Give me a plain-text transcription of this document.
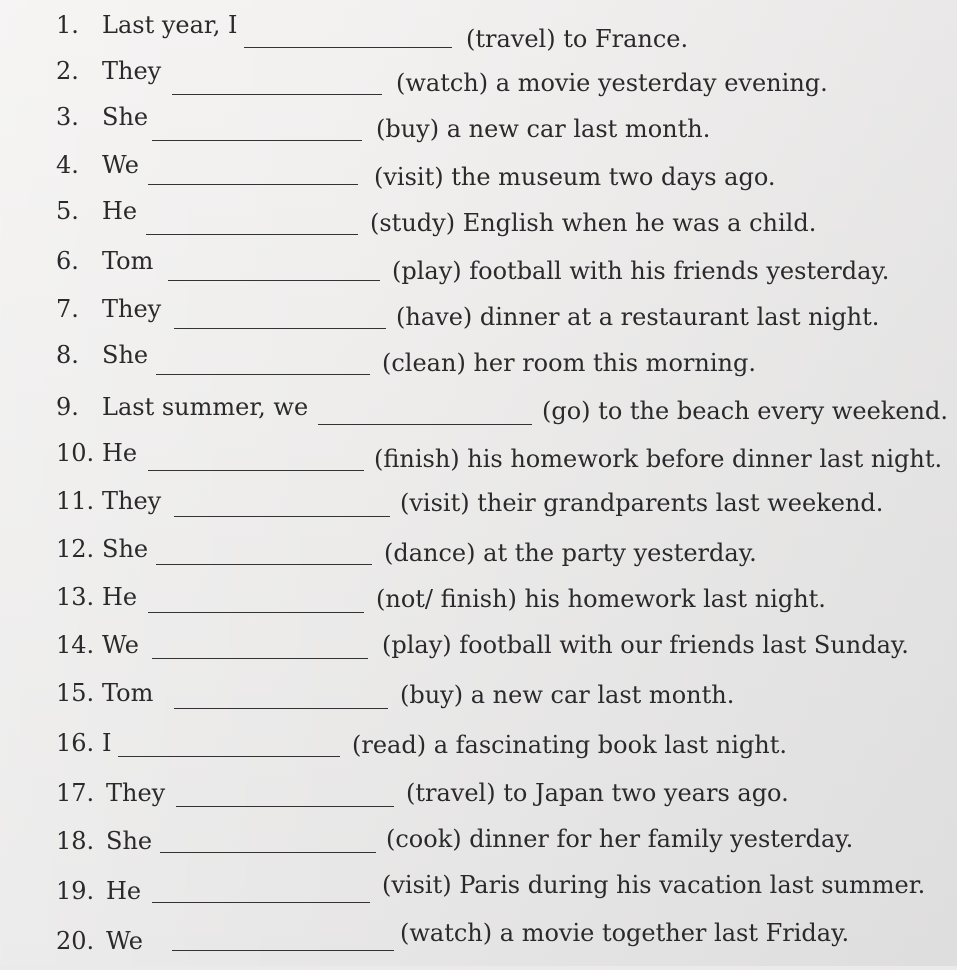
1. Last year, I	(travel) to France.
2. They	(watch) a movie yesterday evening.
3. She	(buy) a new car last month.
4. We	(visit) the museum two days ago.
5. He	(study) English when he was a child.
6. Tom	(play) football with his friends yesterday.
7. They	(have) dinner at a restaurant last night.
8. She	(clean) her room this morning.
9. Last summer, we	(go) to the beach every weekend.
10. He	(finish) his homework before dinner last night.
11. They	(visit) their grandparents last weekend.
12. She	(dance) at the party yesterday.
13. He	(not/ finish) his homework last night.
14. We	(play) football with our friends last Sunday.
15. Tom	(buy) a new car last month.
16. I	(read) a fascinating book last night.
17. They	(travel) to Japan two years ago.
18. She	(cook) dinner for her family yesterday.
19. He	(visit) Paris during his vacation last summer.
20. We	(watch) a movie together last Friday.
